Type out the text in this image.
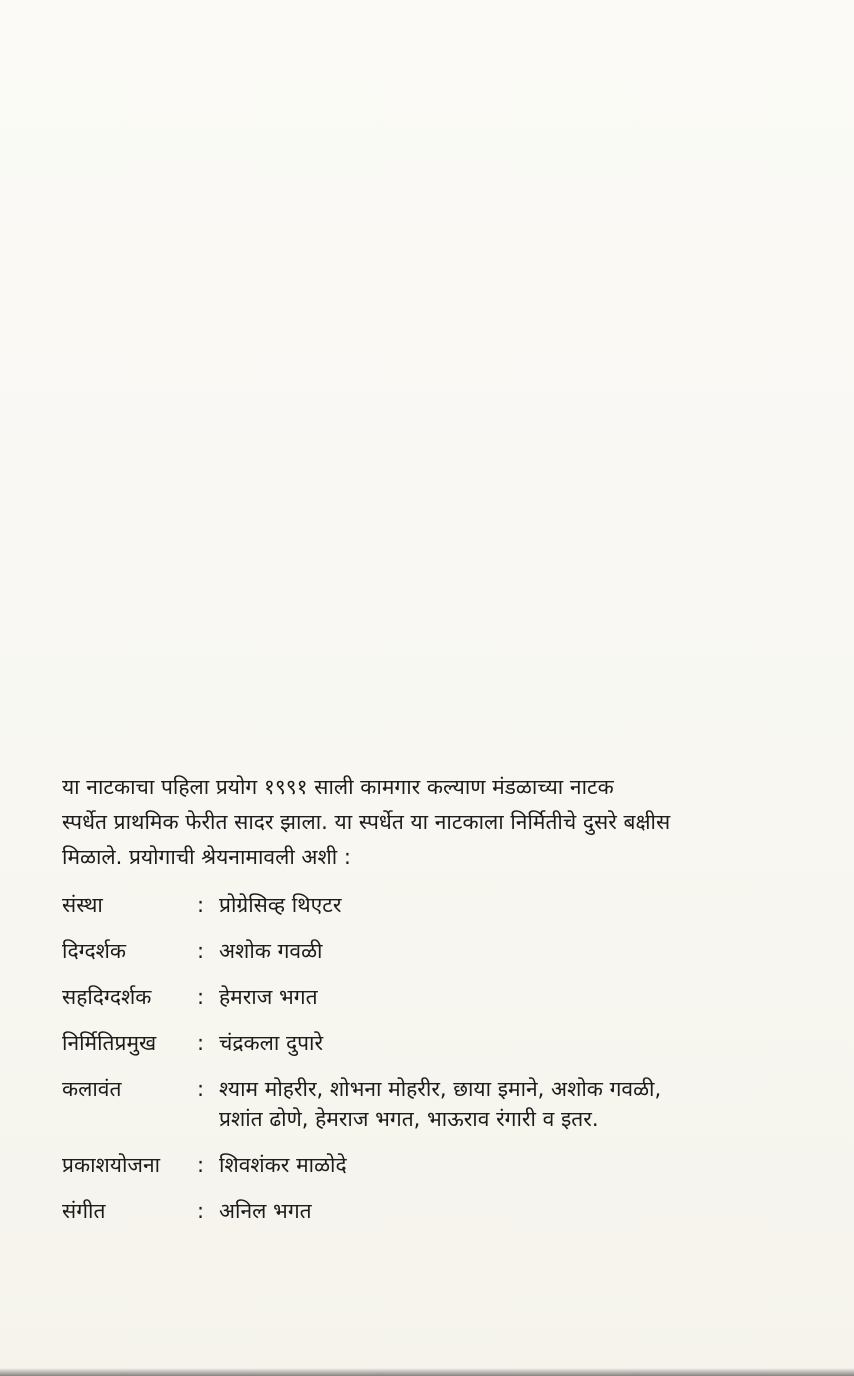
या नाटकाचा पहिला प्रयोग १९९१ साली कामगार कल्याण मंडळाच्या नाटक

स्पर्धेत प्राथमिक फेरीत सादर झाला. या स्पर्धेत या नाटकाला निर्मितीचे दुसरे बक्षीस

मिळाले. प्रयोगाची श्रेयनामावली अशी :

संस्था	: प्रोग्रेसिव्ह थिएटर
दिग्दर्शक	: अशोक गवळी
सहदिग्दर्शक	: हेमराज भगत
निर्मितिप्रमुख	: चंद्रकला दुपारे
कलावंत	: श्याम मोहरीर, शोभना मोहरीर, छाया इमाने, अशोक गवळी,
प्रशांत ढोणे, हेमराज भगत, भाऊराव रंगारी व इतर.
प्रकाशयोजना	: शिवशंकर माळोदे
संगीत	: अनिल भगत
